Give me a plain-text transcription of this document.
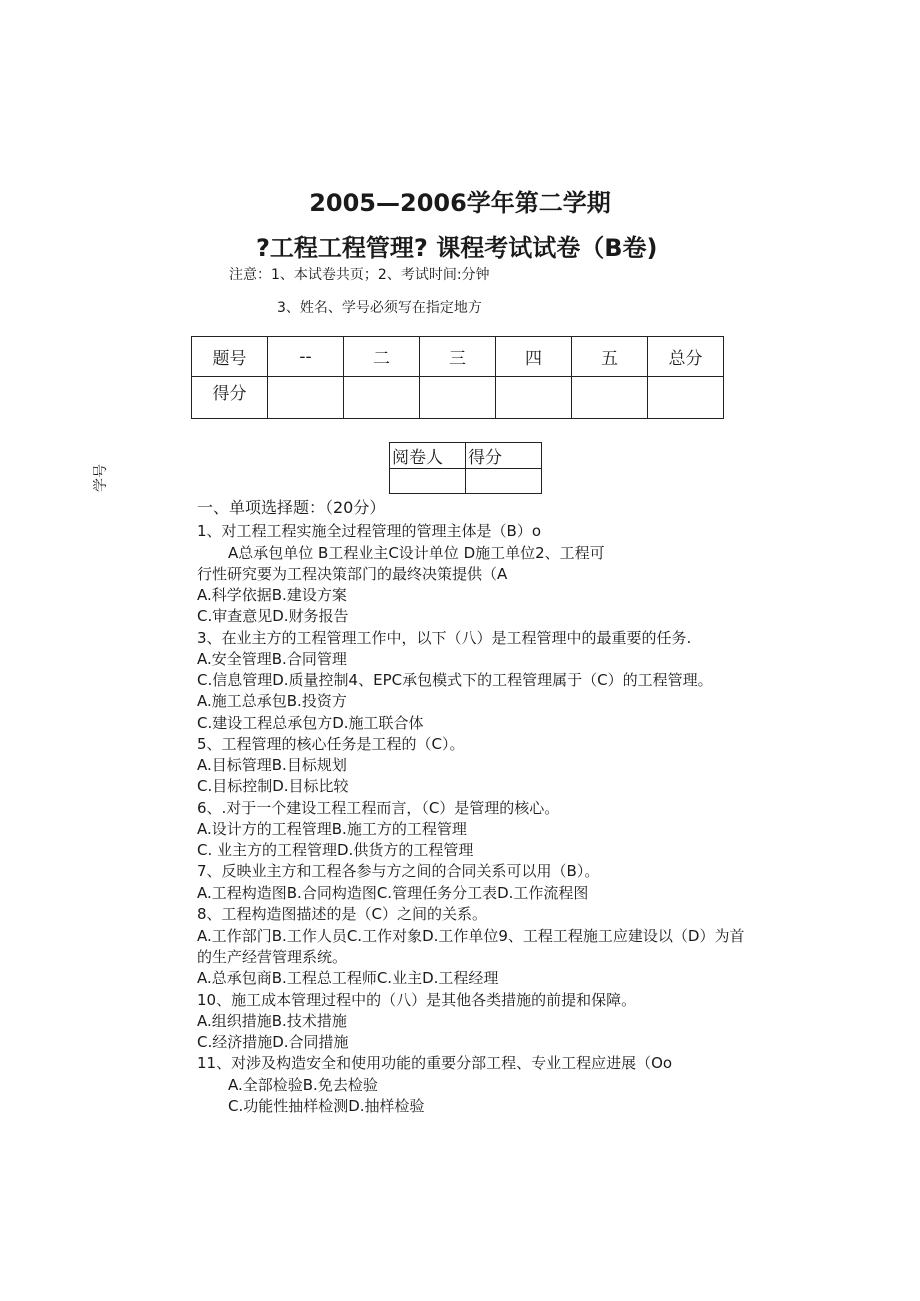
2005—2006学年第二学期
?工程工程管理? 课程考试试卷（B卷)
注意：1、本试卷共页；2、考试时间:分钟
3、姓名、学号必须写在指定地方
题号	--	二	三	四	五	总分
得分						
阅卷人	得分

学号
一、单项选择题：（20分）
1、对工程工程实施全过程管理的管理主体是（B）o
A总承包单位 B工程业主C设计单位 D施工单位2、工程可
行性研究要为工程决策部门的最终决策提供（A
A.科学依据B.建设方案
C.审查意见D.财务报告
3、在业主方的工程管理工作中，以下（八）是工程管理中的最重要的任务.
A.安全管理B.合同管理
C.信息管理D.质量控制4、EPC承包模式下的工程管理属于（C）的工程管理。
A.施工总承包B.投资方
C.建设工程总承包方D.施工联合体
5、工程管理的核心任务是工程的（C）。
A.目标管理B.目标规划
C.目标控制D.目标比较
6、.对于一个建设工程工程而言，（C）是管理的核心。
A.设计方的工程管理B.施工方的工程管理
C. 业主方的工程管理D.供货方的工程管理
7、反映业主方和工程各参与方之间的合同关系可以用（B）。
A.工程构造图B.合同构造图C.管理任务分工表D.工作流程图
8、工程构造图描述的是（C）之间的关系。
A.工作部门B.工作人员C.工作对象D.工作单位9、工程工程施工应建设以（D）为首
的生产经营管理系统。
A.总承包商B.工程总工程师C.业主D.工程经理
10、施工成本管理过程中的（八）是其他各类措施的前提和保障。
A.组织措施B.技术措施
C.经济措施D.合同措施
11、对涉及构造安全和使用功能的重要分部工程、专业工程应进展（Oo
A.全部检验B.免去检验
C.功能性抽样检测D.抽样检验
